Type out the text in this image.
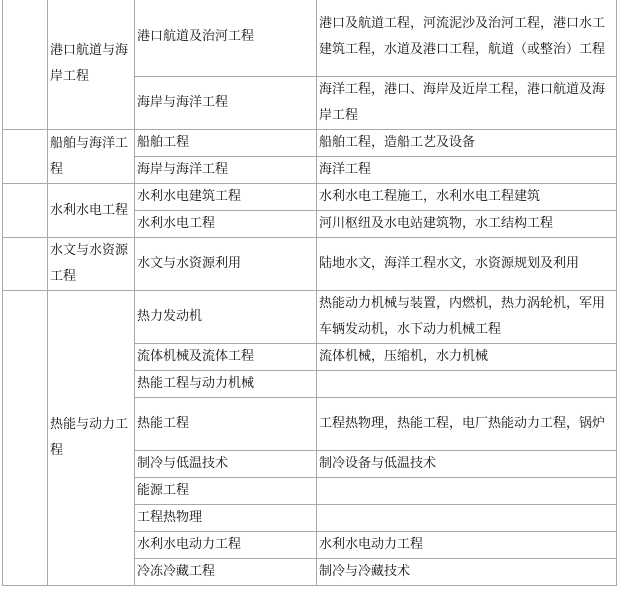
	港口航道与海岸工程	港口航道及治河工程	港口及航道工程，河流泥沙及治河工程，港口水工建筑工程，水道及港口工程，航道（或整治）工程
		海岸与海洋工程	海洋工程，港口、海岸及近岸工程，港口航道及海岸工程
	船舶与海洋工程	船舶工程	船舶工程，造船工艺及设备
		海岸与海洋工程	海洋工程
	水利水电工程	水利水电建筑工程	水利水电工程施工，水利水电工程建筑
		水利水电工程	河川枢纽及水电站建筑物，水工结构工程
	水文与水资源工程	水文与水资源利用	陆地水文，海洋工程水文，水资源规划及利用
	热能与动力工程	热力发动机	热能动力机械与装置，内燃机，热力涡轮机，军用车辆发动机，水下动力机械工程
		流体机械及流体工程	流体机械，压缩机，水力机械
		热能工程与动力机械	
		热能工程	工程热物理，热能工程，电厂热能动力工程，锅炉
		制冷与低温技术	制冷设备与低温技术
		能源工程	
		工程热物理	
		水利水电动力工程	水利水电动力工程
		冷冻冷藏工程	制冷与冷藏技术
